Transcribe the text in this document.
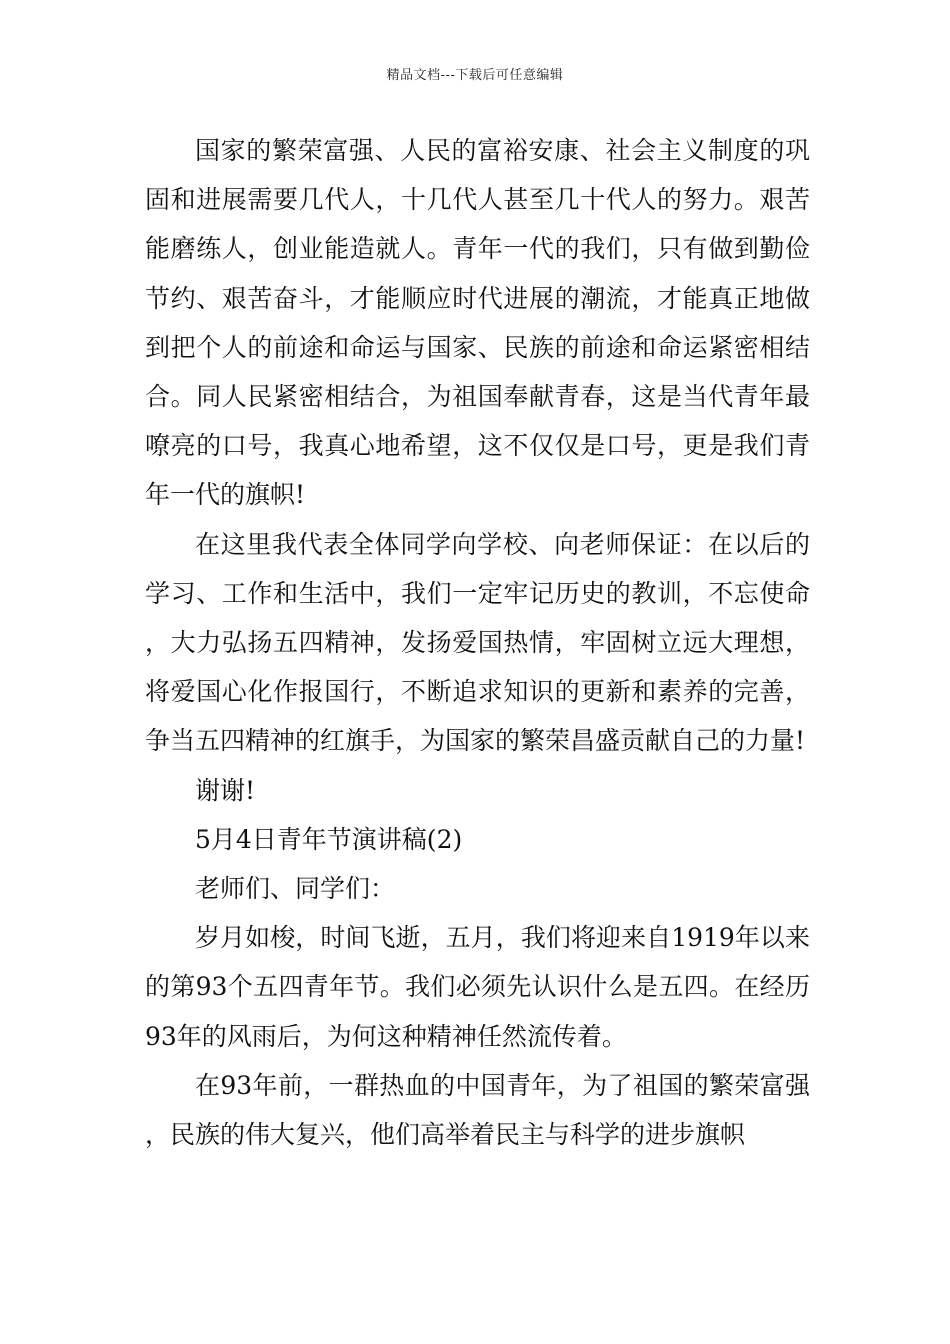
精品文档---下载后可任意编辑

国家的繁荣富强、人民的富裕安康、社会主义制度的巩固和进展需要几代人，十几代人甚至几十代人的努力。艰苦能磨练人，创业能造就人。青年一代的我们，只有做到勤俭节约、艰苦奋斗，才能顺应时代进展的潮流，才能真正地做到把个人的前途和命运与国家、民族的前途和命运紧密相结合。同人民紧密相结合，为祖国奉献青春，这是当代青年最嘹亮的口号，我真心地希望，这不仅仅是口号，更是我们青年一代的旗帜!

在这里我代表全体同学向学校、向老师保证：在以后的学习、工作和生活中，我们一定牢记历史的教训，不忘使命，大力弘扬五四精神，发扬爱国热情，牢固树立远大理想，将爱国心化作报国行，不断追求知识的更新和素养的完善，争当五四精神的红旗手，为国家的繁荣昌盛贡献自己的力量!

谢谢!

5月4日青年节演讲稿(2)

老师们、同学们：

岁月如梭，时间飞逝，五月，我们将迎来自1919年以来的第93个五四青年节。我们必须先认识什么是五四。在经历93年的风雨后，为何这种精神任然流传着。

在93年前，一群热血的中国青年，为了祖国的繁荣富强，民族的伟大复兴，他们高举着民主与科学的进步旗帜
